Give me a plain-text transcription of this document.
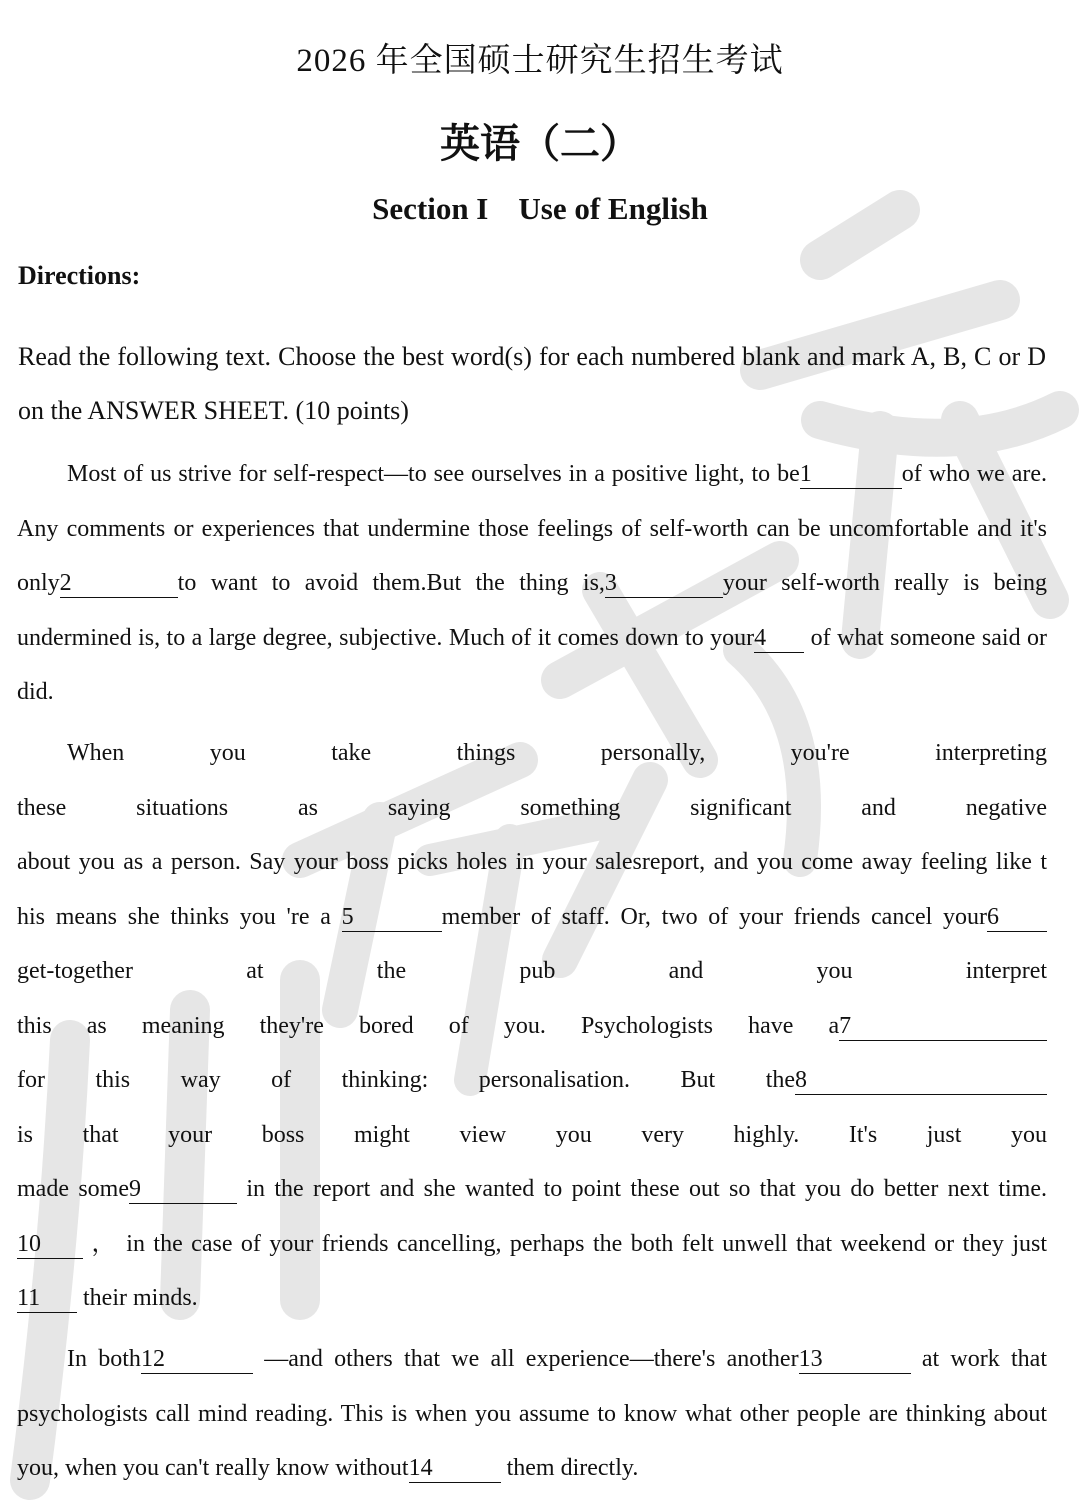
2026 年全国硕士研究生招生考试
英语（二）
Section I Use of English
Directions:
Read the following text. Choose the best word(s) for each numbered blank and mark A, B, C or D on the ANSWER SHEET. (10 points)
Most of us strive for self-respect—to see ourselves in a positive light, to be1	of who we are. Any comments or experiences that undermine those feelings of self-worth can be uncomfortable and it's only2	to want to avoid them.But the thing is,3	your self-worth really is being undermined is, to a large degree, subjective. Much of it comes down to your4 of what someone said or did.
When	you	take	things	personally,	you're	interpreting
these	situations	as	saying	something	significant	and	negative
about you as a person. Say your boss picks holes in your salesreport, and you come away feeling like t
his means she thinks you 're a 5	member of staff. Or, two of your friends cancel your6
get-together	at	the	pub	and	you	interpret
this as meaning they're bored of you. Psychologists have a7
for this way of thinking: personalisation. But the8
is that your boss might view you very highly. It's just you
made some9	in the report and she wanted to point these out so that you do better next time.
10 ， in the case of your friends cancelling, perhaps the both felt unwell that weekend or they just
11 their minds.
In both12	—and others that we all experience—there's another13	at work that psychologists call mind reading. This is when you assume to know what other people are thinking about you, when you can't really know without14	them directly.
